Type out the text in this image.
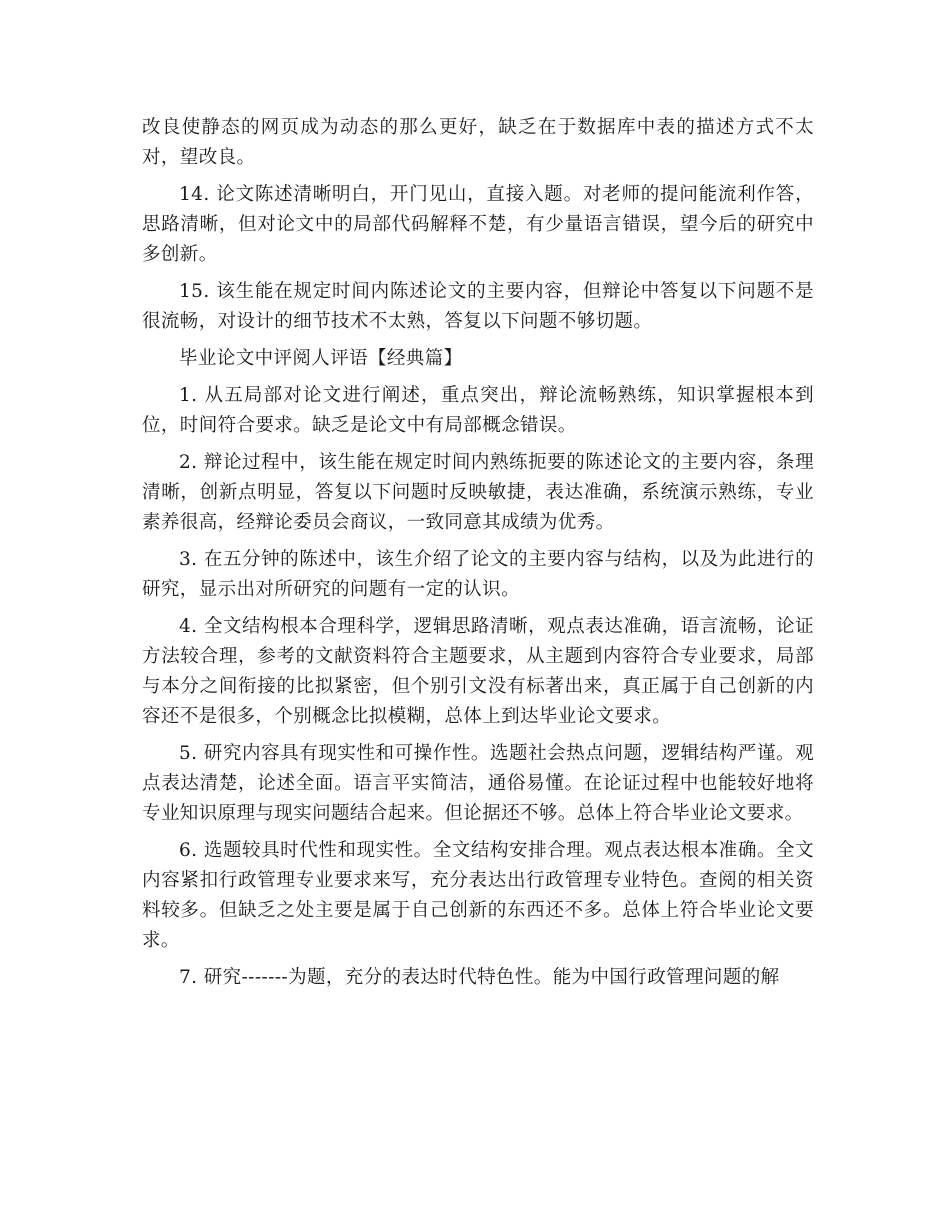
改良使静态的网页成为动态的那么更好，缺乏在于数据库中表的描述方式不太对，望改良。

14. 论文陈述清晰明白，开门见山，直接入题。对老师的提问能流利作答，思路清晰，但对论文中的局部代码解释不楚，有少量语言错误，望今后的研究中多创新。

15. 该生能在规定时间内陈述论文的主要内容，但辩论中答复以下问题不是很流畅，对设计的细节技术不太熟，答复以下问题不够切题。

毕业论文中评阅人评语【经典篇】

1. 从五局部对论文进行阐述，重点突出，辩论流畅熟练，知识掌握根本到位，时间符合要求。缺乏是论文中有局部概念错误。

2. 辩论过程中，该生能在规定时间内熟练扼要的陈述论文的主要内容，条理清晰，创新点明显，答复以下问题时反映敏捷，表达准确，系统演示熟练，专业素养很高，经辩论委员会商议，一致同意其成绩为优秀。

3. 在五分钟的陈述中，该生介绍了论文的主要内容与结构，以及为此进行的研究，显示出对所研究的问题有一定的认识。

4. 全文结构根本合理科学，逻辑思路清晰，观点表达准确，语言流畅，论证方法较合理，参考的文献资料符合主题要求，从主题到内容符合专业要求，局部与本分之间衔接的比拟紧密，但个别引文没有标著出来，真正属于自己创新的内容还不是很多，个别概念比拟模糊，总体上到达毕业论文要求。

5. 研究内容具有现实性和可操作性。选题社会热点问题，逻辑结构严谨。观点表达清楚，论述全面。语言平实简洁，通俗易懂。在论证过程中也能较好地将专业知识原理与现实问题结合起来。但论据还不够。总体上符合毕业论文要求。

6. 选题较具时代性和现实性。全文结构安排合理。观点表达根本准确。全文内容紧扣行政管理专业要求来写，充分表达出行政管理专业特色。查阅的相关资料较多。但缺乏之处主要是属于自己创新的东西还不多。总体上符合毕业论文要求。

7. 研究-------为题，充分的表达时代特色性。能为中国行政管理问题的解
